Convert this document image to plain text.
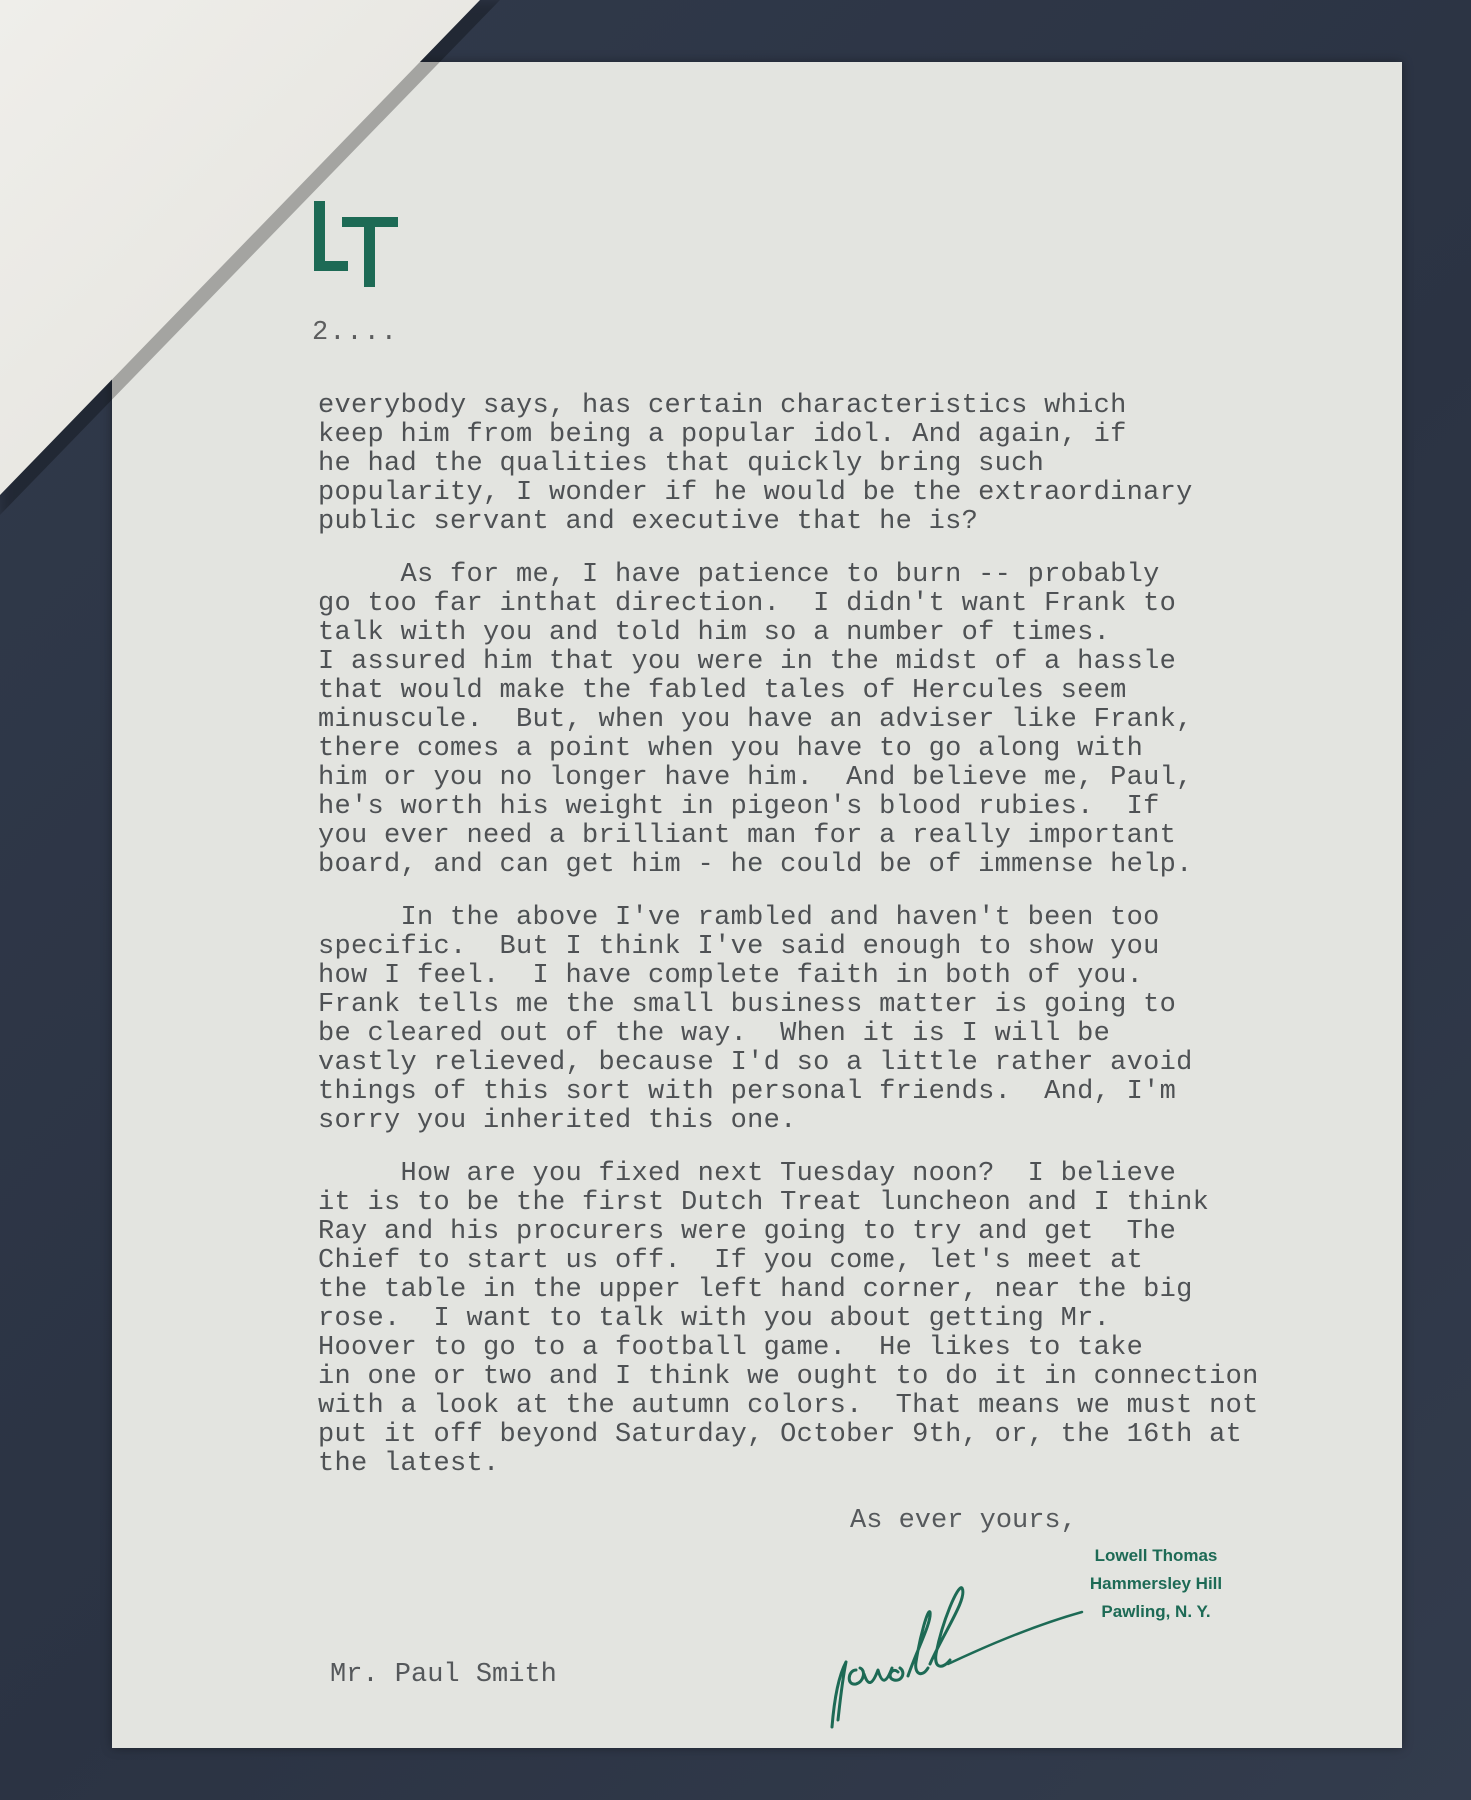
2....

everybody says, has certain characteristics which
keep him from being a popular idol. And again, if
he had the qualities that quickly bring such
popularity, I wonder if he would be the extraordinary
public servant and executive that he is?

As for me, I have patience to burn -- probably
go too far inthat direction.  I didn't want Frank to
talk with you and told him so a number of times.
I assured him that you were in the midst of a hassle
that would make the fabled tales of Hercules seem
minuscule.  But, when you have an adviser like Frank,
there comes a point when you have to go along with
him or you no longer have him.  And believe me, Paul,
he's worth his weight in pigeon's blood rubies.  If
you ever need a brilliant man for a really important
board, and can get him - he could be of immense help.

In the above I've rambled and haven't been too
specific.  But I think I've said enough to show you
how I feel.  I have complete faith in both of you.
Frank tells me the small business matter is going to
be cleared out of the way.  When it is I will be
vastly relieved, because I'd so a little rather avoid
things of this sort with personal friends.  And, I'm
sorry you inherited this one.

How are you fixed next Tuesday noon?  I believe
it is to be the first Dutch Treat luncheon and I think
Ray and his procurers were going to try and get  The
Chief to start us off.  If you come, let's meet at
the table in the upper left hand corner, near the big
rose.  I want to talk with you about getting Mr.
Hoover to go to a football game.  He likes to take
in one or two and I think we ought to do it in connection
with a look at the autumn colors.  That means we must not
put it off beyond Saturday, October 9th, or, the 16th at
the latest.

As ever yours,
Lowell Thomas
Hammersley Hill
Pawling, N. Y.
Mr. Paul Smith
